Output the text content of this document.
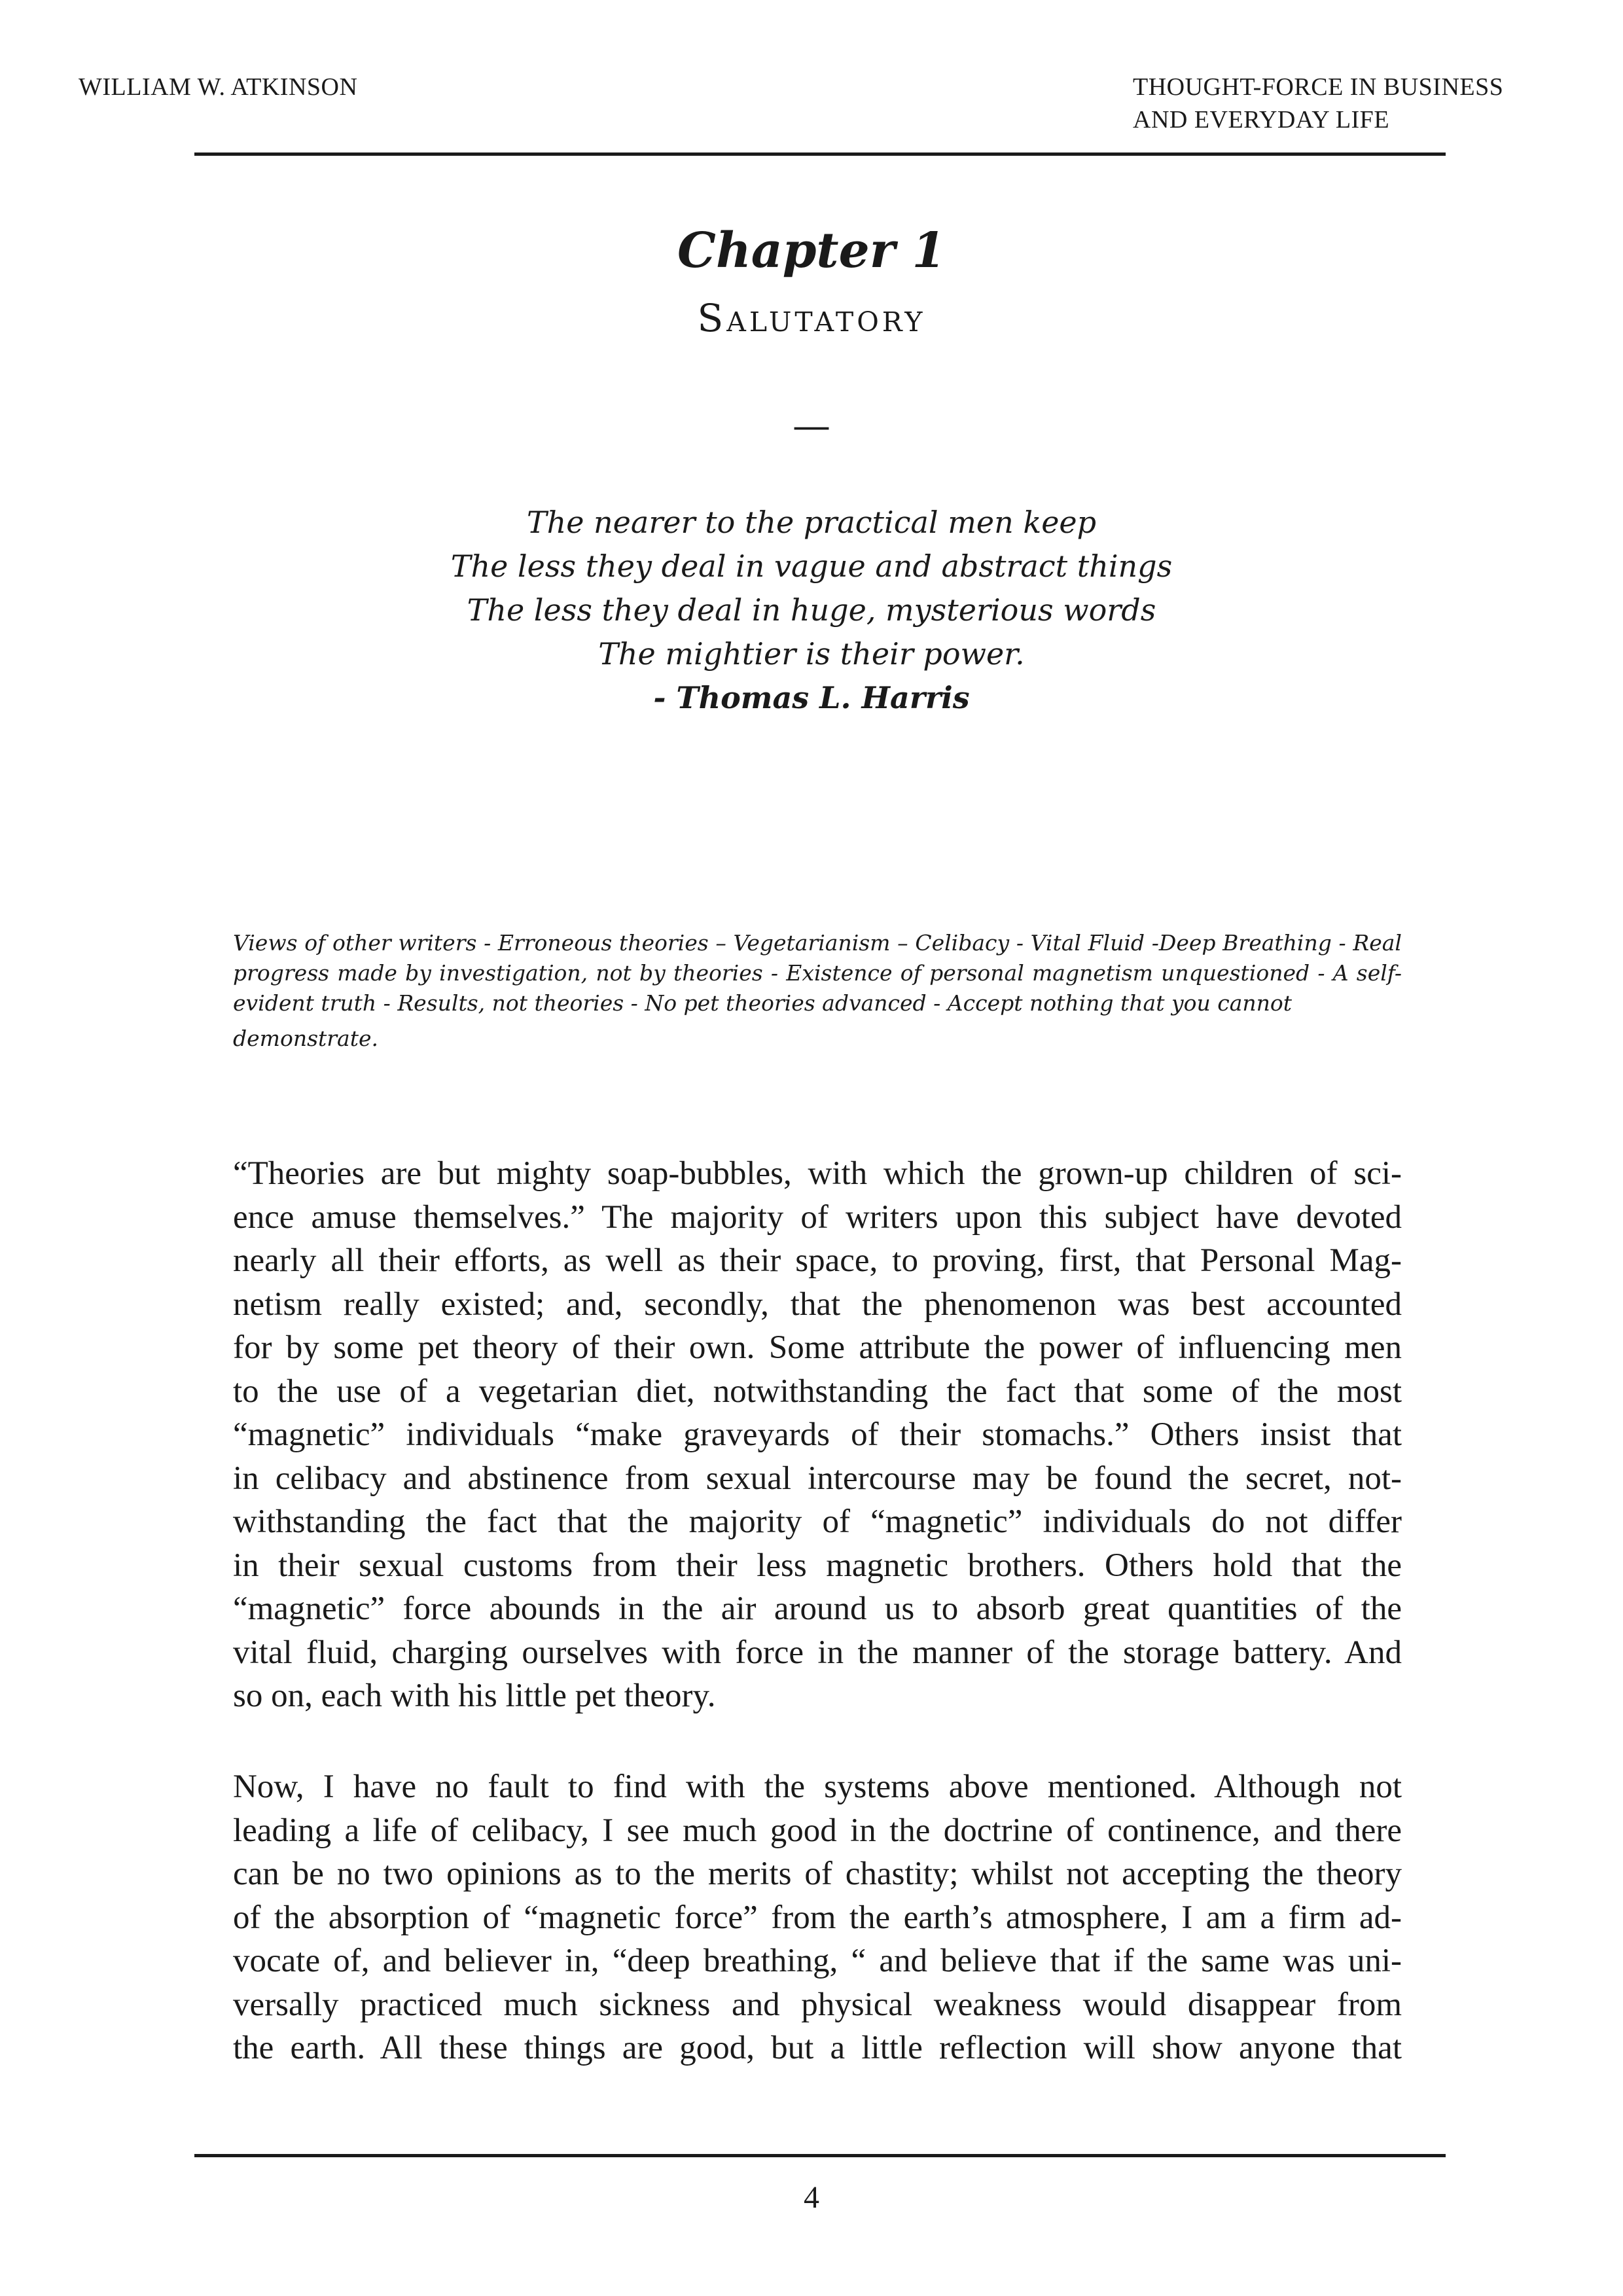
WILLIAM W. ATKINSON	THOUGHT-FORCE IN BUSINESS
AND EVERYDAY LIFE
Chapter 1
Salutatory
—
The nearer to the practical men keep
The less they deal in vague and abstract things
The less they deal in huge, mysterious words
The mightier is their power.
- Thomas L. Harris
Views of other writers - Erroneous theories – Vegetarianism – Celibacy - Vital Fluid -Deep Breathing - Real progress made by investigation, not by theories - Existence of personal magnetism unquestioned - A self-evident truth - Results, not theories - No pet theories advanced - Accept nothing that you cannot
demonstrate.
“Theories are but mighty soap-bubbles, with which the grown-up children of sci-
ence amuse themselves.” The majority of writers upon this subject have devoted
nearly all their efforts, as well as their space, to proving, first, that Personal Mag-
netism really existed; and, secondly, that the phenomenon was best accounted
for by some pet theory of their own. Some attribute the power of influencing men
to the use of a vegetarian diet, notwithstanding the fact that some of the most
“magnetic” individuals “make graveyards of their stomachs.” Others insist that
in celibacy and abstinence from sexual intercourse may be found the secret, not-
withstanding the fact that the majority of “magnetic” individuals do not differ
in their sexual customs from their less magnetic brothers. Others hold that the
“magnetic” force abounds in the air around us to absorb great quantities of the
vital fluid, charging ourselves with force in the manner of the storage battery. And
so on, each with his little pet theory.
Now, I have no fault to find with the systems above mentioned. Although not
leading a life of celibacy, I see much good in the doctrine of continence, and there
can be no two opinions as to the merits of chastity; whilst not accepting the theory
of the absorption of “magnetic force” from the earth’s atmosphere, I am a firm ad-
vocate of, and believer in, “deep breathing, “ and believe that if the same was uni-
versally practiced much sickness and physical weakness would disappear from
the earth. All these things are good, but a little reflection will show anyone that
4
